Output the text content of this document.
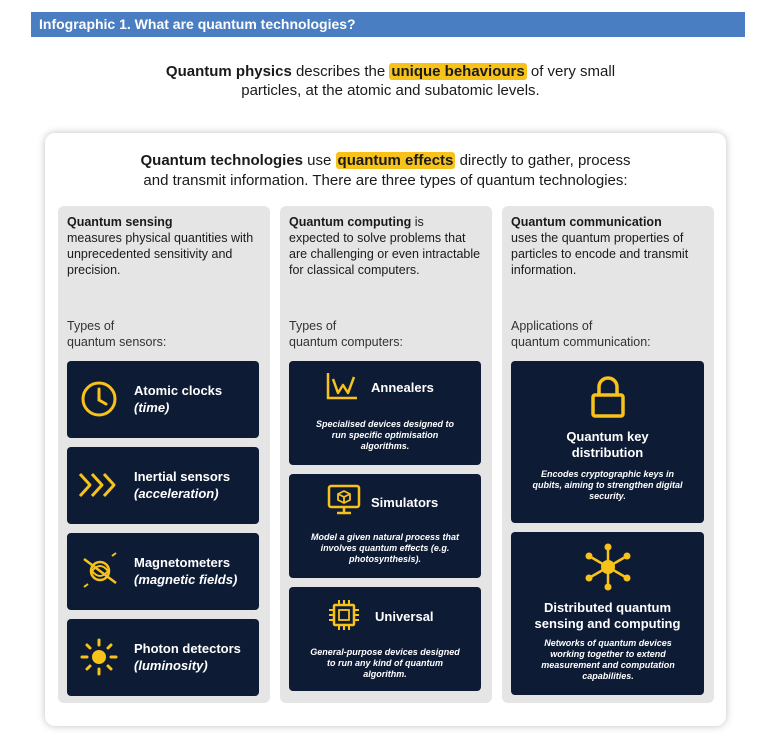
Infographic 1. What are quantum technologies?
Quantum physics describes the unique behaviours of very small
particles, at the atomic and subatomic levels.
Quantum technologies use quantum effects directly to gather, process
and transmit information. There are three types of quantum technologies:
Quantum sensing
measures physical quantities with unprecedented sensitivity and precision.
Types of
quantum sensors:
Atomic clocks
(time)
Inertial sensors
(acceleration)
Magnetometers
(magnetic fields)
Photon detectors
(luminosity)
Quantum computing is
expected to solve problems that are challenging or even intractable for classical computers.
Types of
quantum computers:
Annealers
Specialised devices designed to run specific optimisation algorithms.
Simulators
Model a given natural process that involves quantum effects (e.g. photosynthesis).
Universal
General-purpose devices designed to run any kind of quantum algorithm.
Quantum communication
uses the quantum properties of particles to encode and transmit information.
Applications of
quantum communication:
Quantum key
distribution
Encodes cryptographic keys in qubits, aiming to strengthen digital security.
Distributed quantum
sensing and computing
Networks of quantum devices working together to extend measurement and computation capabilities.
